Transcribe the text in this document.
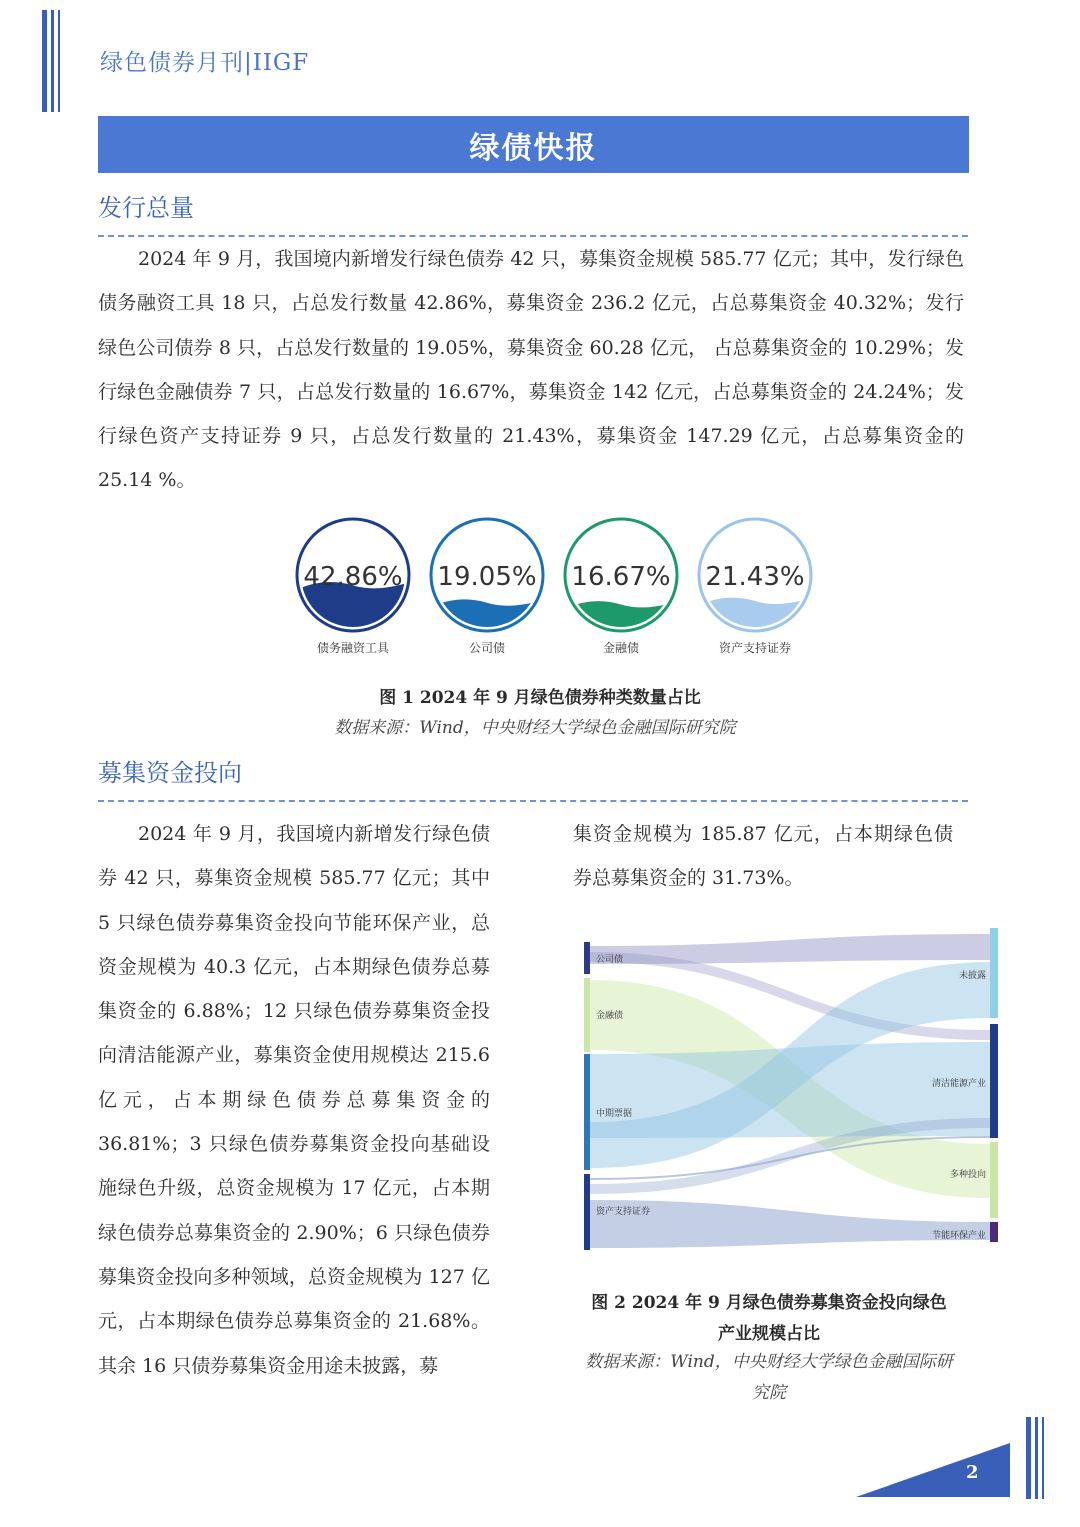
绿色债券月刊|IIGF
绿债快报
发行总量

2024 年 9 月，我国境内新增发行绿色债券 42 只，募集资金规模 585.77 亿元；其中，发行绿色债务融资工具 18 只，占总发行数量 42.86%，募集资金 236.2 亿元，占总募集资金 40.32%；发行绿色公司债券 8 只，占总发行数量的 19.05%，募集资金 60.28 亿元， 占总募集资金的 10.29%；发行绿色金融债券 7 只，占总发行数量的 16.67%，募集资金 142 亿元，占总募集资金的 24.24%；发行绿色资产支持证券 9 只，占总发行数量的 21.43%，募集资金 147.29 亿元，占总募集资金的 25.14 %。

42.86%
债务融资工具
19.05%
公司债
16.67%
金融债
21.43%
资产支持证券
图 1 2024 年 9 月绿色债券种类数量占比
数据来源：Wind，中央财经大学绿色金融国际研究院
募集资金投向

2024 年 9 月，我国境内新增发行绿色债券 42 只，募集资金规模 585.77 亿元；其中 5 只绿色债券募集资金投向节能环保产业，总资金规模为 40.3 亿元，占本期绿色债券总募集资金的 6.88%；12 只绿色债券募集资金投向清洁能源产业，募集资金使用规模达 215.6 亿元，占本期绿色债券总募集资金的 36.81%；3 只绿色债券募集资金投向基础设施绿色升级，总资金规模为 17 亿元，占本期绿色债券总募集资金的 2.90%；6 只绿色债券募集资金投向多种领域，总资金规模为 127 亿元，占本期绿色债券总募集资金的 21.68%。其余 16 只债券募集资金用途未披露，募

集资金规模为 185.87 亿元，占本期绿色债券总募集资金的 31.73%。

公司债
金融债
中期票据
资产支持证券
未披露
清洁能源产业
多种投向
节能环保产业
图 2 2024 年 9 月绿色债券募集资金投向绿色
产业规模占比
数据来源：Wind，中央财经大学绿色金融国际研
究院
2
